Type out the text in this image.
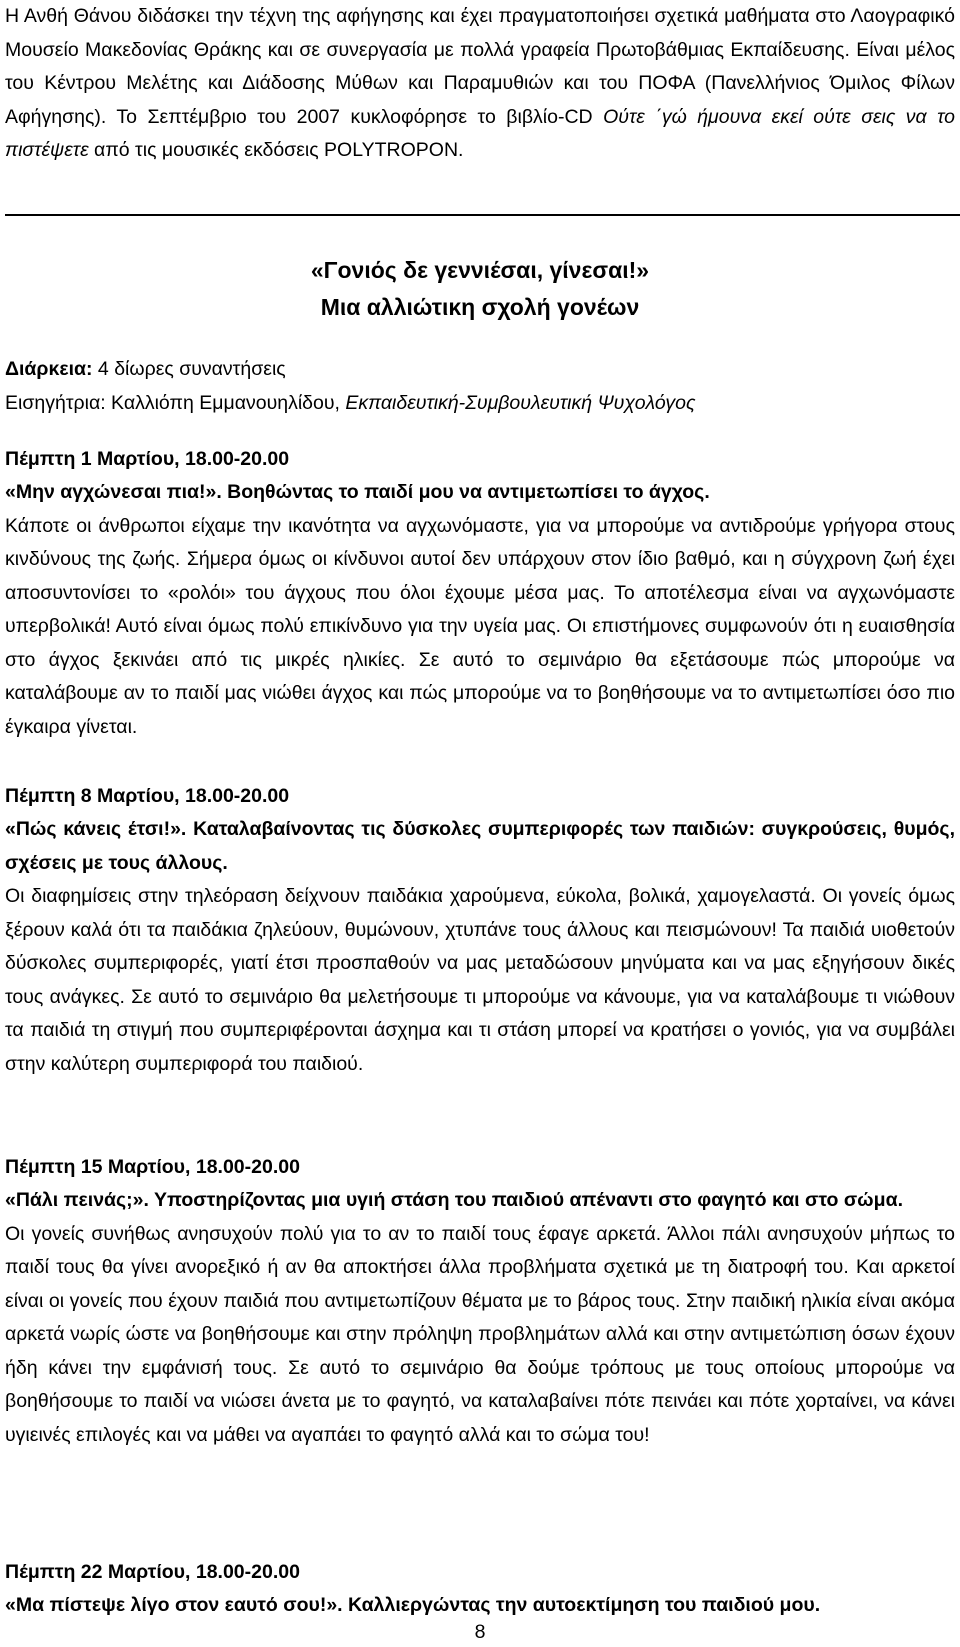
Η Ανθή Θάνου διδάσκει την τέχνη της αφήγησης και έχει πραγματοποιήσει σχετικά μαθήματα στο Λαογραφικό Μουσείο Μακεδονίας Θράκης και σε συνεργασία με πολλά γραφεία Πρωτοβάθμιας Εκπαίδευσης. Είναι μέλος του Κέντρου Μελέτης και Διάδοσης Μύθων και Παραμυθιών και του ΠΟΦΑ (Πανελλήνιος Όμιλος Φίλων Αφήγησης). Το Σεπτέμβριο του 2007 κυκλοφόρησε το βιβλίο-CD Ούτε ΄γώ ήμουνα εκεί ούτε σεις να το πιστέψετε από τις μουσικές εκδόσεις POLYTROPON.

«Γονιός δε γεννιέσαι, γίνεσαι!»
Μια αλλιώτικη σχολή γονέων
Διάρκεια: 4 δίωρες συναντήσεις
Εισηγήτρια: Καλλιόπη Εμμανουηλίδου, Εκπαιδευτική-Συμβουλευτική Ψυχολόγος

Πέμπτη 1 Μαρτίου, 18.00-20.00

«Μην αγχώνεσαι πια!». Βοηθώντας το παιδί μου να αντιμετωπίσει το άγχος.

Κάποτε οι άνθρωποι είχαμε την ικανότητα να αγχωνόμαστε, για να μπορούμε να αντιδρούμε γρήγορα στους κινδύνους της ζωής. Σήμερα όμως οι κίνδυνοι αυτοί δεν υπάρχουν στον ίδιο βαθμό, και η σύγχρονη ζωή έχει αποσυντονίσει το «ρολόι» του άγχους που όλοι έχουμε μέσα μας. Το αποτέλεσμα είναι να αγχωνόμαστε υπερβολικά! Αυτό είναι όμως πολύ επικίνδυνο για την υγεία μας. Οι επιστήμονες συμφωνούν ότι η ευαισθησία στο άγχος ξεκινάει από τις μικρές ηλικίες. Σε αυτό το σεμινάριο θα εξετάσουμε πώς μπορούμε να καταλάβουμε αν το παιδί μας νιώθει άγχος και πώς μπορούμε να το βοηθήσουμε να το αντιμετωπίσει όσο πιο έγκαιρα γίνεται.

Πέμπτη 8 Μαρτίου, 18.00-20.00

«Πώς κάνεις έτσι!». Καταλαβαίνοντας τις δύσκολες συμπεριφορές των παιδιών: συγκρούσεις, θυμός, σχέσεις με τους άλλους.

Οι διαφημίσεις στην τηλεόραση δείχνουν παιδάκια χαρούμενα, εύκολα, βολικά, χαμογελαστά. Οι γονείς όμως ξέρουν καλά ότι τα παιδάκια ζηλεύουν, θυμώνουν, χτυπάνε τους άλλους και πεισμώνουν! Τα παιδιά υιοθετούν δύσκολες συμπεριφορές, γιατί έτσι προσπαθούν να μας μεταδώσουν μηνύματα και να μας εξηγήσουν δικές τους ανάγκες. Σε αυτό το σεμινάριο θα μελετήσουμε τι μπορούμε να κάνουμε, για να καταλάβουμε τι νιώθουν τα παιδιά τη στιγμή που συμπεριφέρονται άσχημα και τι στάση μπορεί να κρατήσει ο γονιός, για να συμβάλει στην καλύτερη συμπεριφορά του παιδιού.

Πέμπτη 15 Μαρτίου, 18.00-20.00

«Πάλι πεινάς;». Υποστηρίζοντας μια υγιή στάση του παιδιού απέναντι στο φαγητό και στο σώμα.

Οι γονείς συνήθως ανησυχούν πολύ για το αν το παιδί τους έφαγε αρκετά. Άλλοι πάλι ανησυχούν μήπως το παιδί τους θα γίνει ανορεξικό ή αν θα αποκτήσει άλλα προβλήματα σχετικά με τη διατροφή του. Και αρκετοί είναι οι γονείς που έχουν παιδιά που αντιμετωπίζουν θέματα με το βάρος τους. Στην παιδική ηλικία είναι ακόμα αρκετά νωρίς ώστε να βοηθήσουμε και στην πρόληψη προβλημάτων αλλά και στην αντιμετώπιση όσων έχουν ήδη κάνει την εμφάνισή τους. Σε αυτό το σεμινάριο θα δούμε τρόπους με τους οποίους μπορούμε να βοηθήσουμε το παιδί να νιώσει άνετα με το φαγητό, να καταλαβαίνει πότε πεινάει και πότε χορταίνει, να κάνει υγιεινές επιλογές και να μάθει να αγαπάει το φαγητό αλλά και το σώμα του!

Πέμπτη 22 Μαρτίου, 18.00-20.00

«Μα πίστεψε λίγο στον εαυτό σου!». Καλλιεργώντας την αυτοεκτίμηση του παιδιού μου.

8
